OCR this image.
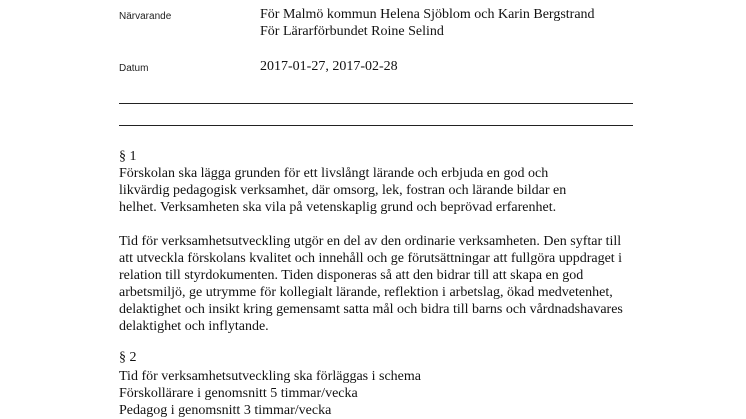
Närvarande	För Malmö kommun Helena Sjöblom och Karin Bergstrand
För Lärarförbundet Roine Selind
Datum	2017-01-27, 2017-02-28
§ 1
Förskolan ska lägga grunden för ett livslångt lärande och erbjuda en god och
likvärdig pedagogisk verksamhet, där omsorg, lek, fostran och lärande bildar en
helhet. Verksamheten ska vila på vetenskaplig grund och beprövad erfarenhet.
Tid för verksamhetsutveckling utgör en del av den ordinarie verksamheten. Den syftar till
att utveckla förskolans kvalitet och innehåll och ge förutsättningar att fullgöra uppdraget i
relation till styrdokumenten. Tiden disponeras så att den bidrar till att skapa en god
arbetsmiljö, ge utrymme för kollegialt lärande, reflektion i arbetslag, ökad medvetenhet,
delaktighet och insikt kring gemensamt satta mål och bidra till barns och vårdnadshavares
delaktighet och inflytande.
§ 2
Tid för verksamhetsutveckling ska förläggas i schema
Förskollärare i genomsnitt 5 timmar/vecka
Pedagog i genomsnitt 3 timmar/vecka
